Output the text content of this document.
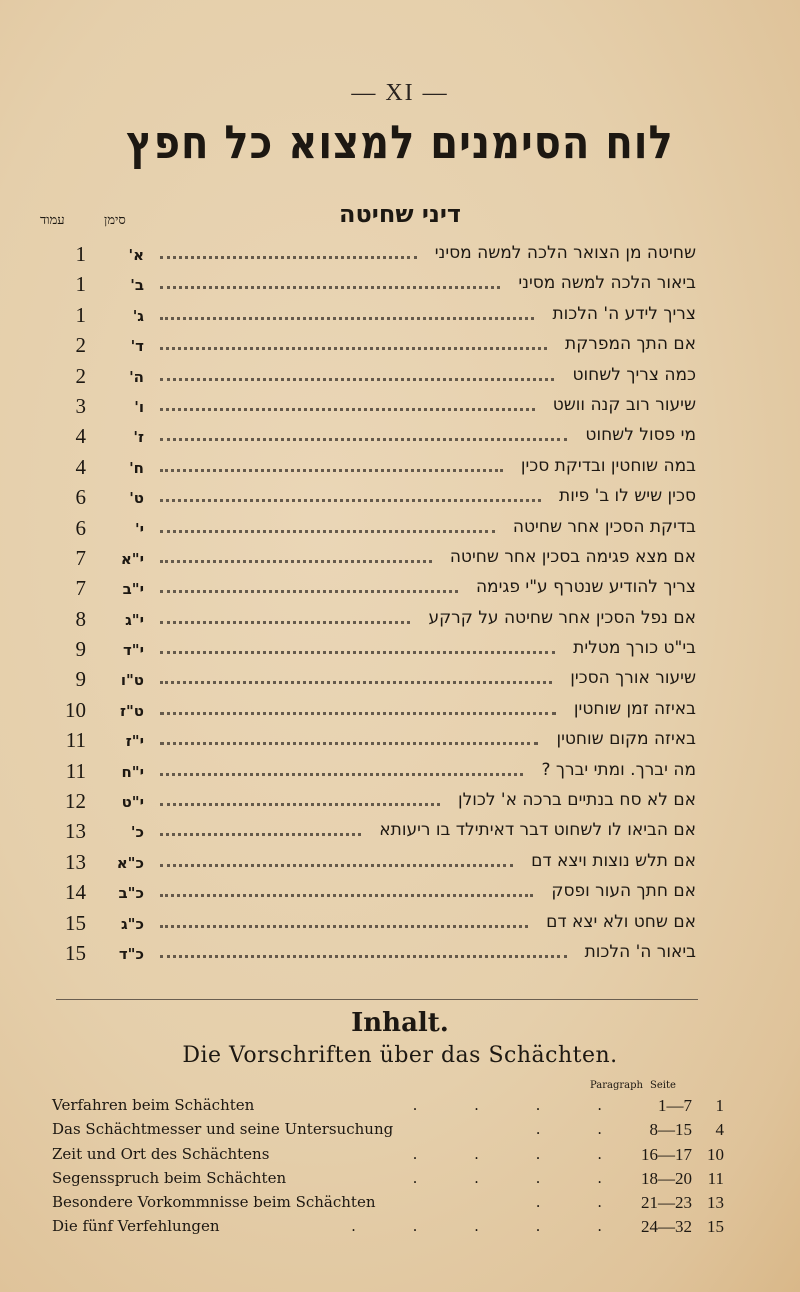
— XI —
לוח הסימנים למצוא כל חפץ
דיני שחיטה
עמוד	סימן
1	א'	שחיטה מן הצואר הלכה למשה מסיני
1	ב'	ביאור הלכה למשה מסיני
1	ג'	צריך לידע ה' הלכות
2	ד'	אם התך המפרקת
2	ה'	כמה צריך לשחוט
3	ו'	שיעור רוב קנה וושט
4	ז'	מי פסול לשחוט
4	ח'	במה שוחטין ובדיקת סכין
6	ט'	סכין שיש לו ב' פיות
6	י'	בדיקת הסכין אחר שחיטה
7	י"א	אם מצא פגימה בסכין אחר שחיטה
7	י"ב	צריך להודיע שנטרף ע"י פגימה
8	י"ג	אם נפל הסכין אחר שחיטה על קרקע
9	י"ד	בי"ט כורך מטלית
9	ט"ו	שיעור אורך הסכין
10	ט"ז	באיזה זמן שוחטין
11	י"ז	באיזה מקום שוחטין
11	י"ח	מה יברך. ומתי יברך ?
12	י"ט	אם לא סח בנתיים ברכה א' לכולן
13	כ'	אם הביאו לו לשחוט דבר דאיתילד בו ריעותא
13	כ"א	אם תלש נוצות ויצא דם
14	כ"ב	אם חתך העור ופסק
15	כ"ג	אם שחט ולא יצא דם
15	כ"ד	ביאור ה' הלכות
Inhalt.
Die Vorschriften über das Schächten.
Paragraph Seite
Verfahren beim Schächten	. . . .	1—7	1
Das Schächtmesser und seine Untersuchung	. .	8—15	4
Zeit und Ort des Schächtens	. . . .	16—17 10
Segensspruch beim Schächten	. . . .	18—20 11
Besondere Vorkommnisse beim Schächten	. .	21—23 13
Die fünf Verfehlungen	. . . . .	24—32 15
